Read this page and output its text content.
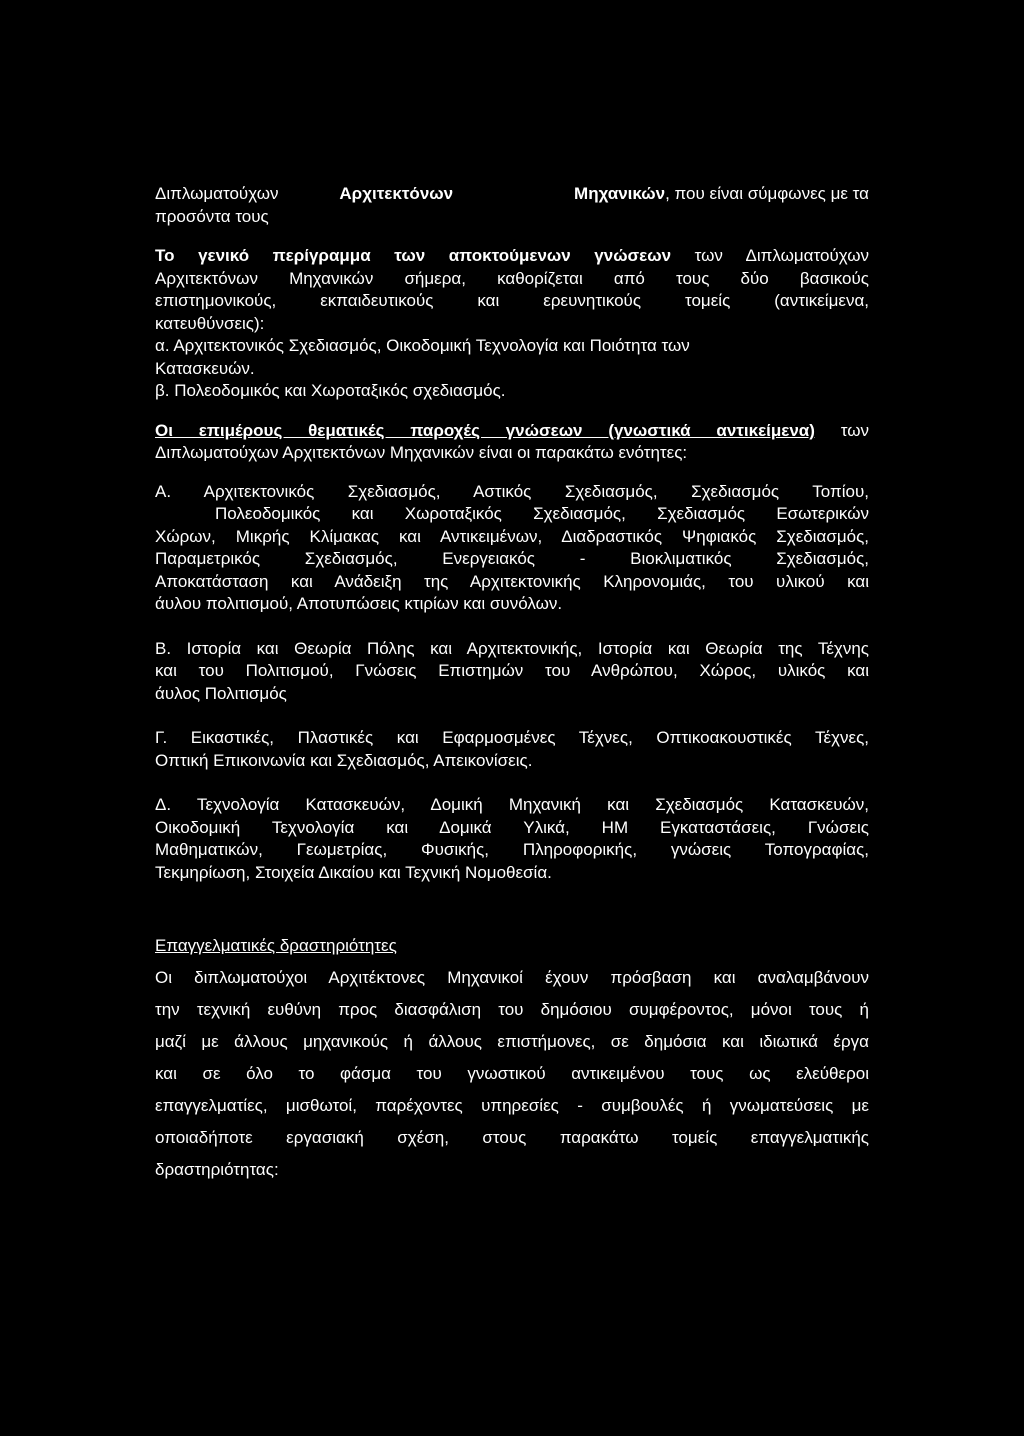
Διπλωματούχων	Αρχιτεκτόνων	Μηχανικών, που είναι σύμφωνες με τα
προσόντα τους
Το γενικό περίγραμμα των αποκτούμενων γνώσεων των Διπλωματούχων
Αρχιτεκτόνων Μηχανικών σήμερα, καθορίζεται από τους δύο βασικούς
επιστημονικούς, εκπαιδευτικούς και ερευνητικούς τομείς (αντικείμενα,
κατευθύνσεις):
α. Αρχιτεκτονικός Σχεδιασμός, Οικοδομική Τεχνολογία και Ποιότητα των
Κατασκευών.
β. Πολεοδομικός και Χωροταξικός σχεδιασμός.
Οι επιμέρους θεματικές παροχές γνώσεων (γνωστικά αντικείμενα) των
Διπλωματούχων Αρχιτεκτόνων Μηχανικών είναι οι παρακάτω ενότητες:
Α. Αρχιτεκτονικός Σχεδιασμός, Αστικός Σχεδιασμός, Σχεδιασμός Τοπίου,
Πολεοδομικός και Χωροταξικός Σχεδιασμός, Σχεδιασμός Εσωτερικών
Χώρων, Μικρής Κλίμακας και Αντικειμένων, Διαδραστικός Ψηφιακός Σχεδιασμός,
Παραμετρικός Σχεδιασμός, Ενεργειακός - Βιοκλιματικός Σχεδιασμός,
Αποκατάσταση και Ανάδειξη της Αρχιτεκτονικής Κληρονομιάς, του υλικού και
άυλου πολιτισμού, Αποτυπώσεις κτιρίων και συνόλων.
Β. Ιστορία και Θεωρία Πόλης και Αρχιτεκτονικής, Ιστορία και Θεωρία της Τέχνης
και του Πολιτισμού, Γνώσεις Επιστημών του Ανθρώπου, Χώρος, υλικός και
άυλος Πολιτισμός
Γ. Εικαστικές, Πλαστικές και Εφαρμοσμένες Τέχνες, Οπτικοακουστικές Τέχνες,
Οπτική Επικοινωνία και Σχεδιασμός, Απεικονίσεις.
Δ. Τεχνολογία Κατασκευών, Δομική Μηχανική και Σχεδιασμός Κατασκευών,
Οικοδομική Τεχνολογία και Δομικά Υλικά, ΗΜ Εγκαταστάσεις, Γνώσεις
Μαθηματικών, Γεωμετρίας, Φυσικής, Πληροφορικής, γνώσεις Τοπογραφίας,
Τεκμηρίωση, Στοιχεία Δικαίου και Τεχνική Νομοθεσία.
Επαγγελματικές δραστηριότητες
Οι διπλωματούχοι Αρχιτέκτονες Μηχανικοί έχουν πρόσβαση και αναλαμβάνουν
την τεχνική ευθύνη προς διασφάλιση του δημόσιου συμφέροντος, μόνοι τους ή
μαζί με άλλους μηχανικούς ή άλλους επιστήμονες, σε δημόσια και ιδιωτικά έργα
και σε όλο το φάσμα του γνωστικού αντικειμένου τους ως ελεύθεροι
επαγγελματίες, μισθωτοί, παρέχοντες υπηρεσίες - συμβουλές ή γνωματεύσεις με
οποιαδήποτε εργασιακή σχέση, στους παρακάτω τομείς επαγγελματικής
δραστηριότητας:
